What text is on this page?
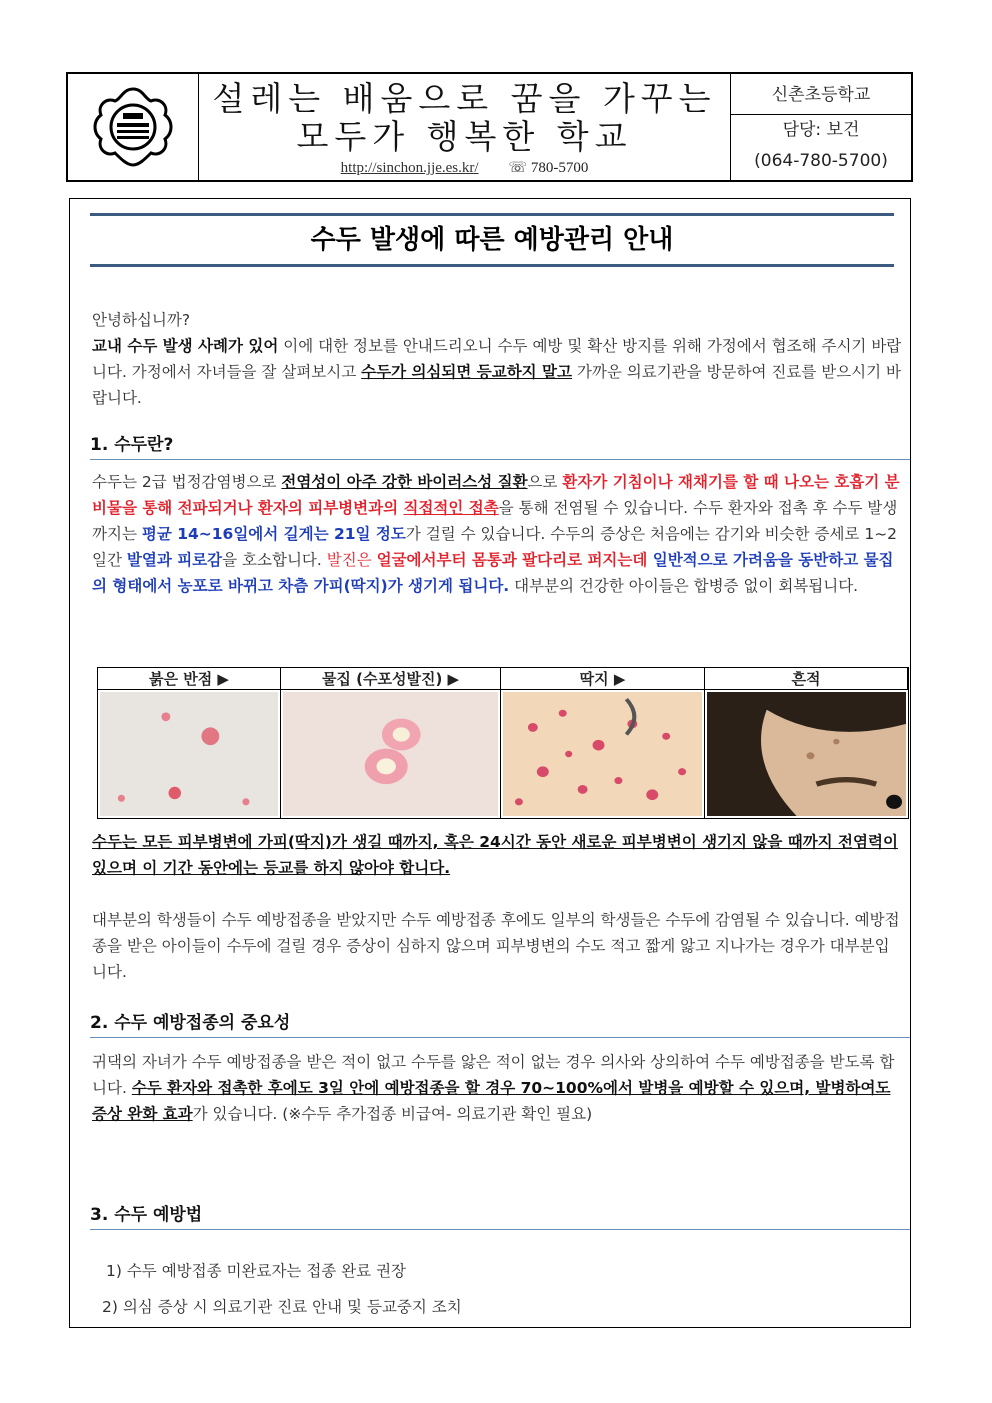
설레는 배움으로 꿈을 가꾸는
모두가 행복한 학교
http://sinchon.jje.es.kr/ ☏ 780-5700
신촌초등학교
담당: 보건
(064-780-5700)
수두 발생에 따른 예방관리 안내
안녕하십니까?
교내 수두 발생 사례가 있어 이에 대한 정보를 안내드리오니 수두 예방 및 확산 방지를 위해 가정에서 협조해 주시기 바랍니다. 가정에서 자녀들을 잘 살펴보시고 수두가 의심되면 등교하지 말고 가까운 의료기관을 방문하여 진료를 받으시기 바랍니다.
1. 수두란?
수두는 2급 법정감염병으로 전염성이 아주 강한 바이러스성 질환으로 환자가 기침이나 재채기를 할 때 나오는 호흡기 분비물을 통해 전파되거나 환자의 피부병변과의 직접적인 접촉을 통해 전염될 수 있습니다. 수두 환자와 접촉 후 수두 발생까지는 평균 14~16일에서 길게는 21일 정도가 걸릴 수 있습니다. 수두의 증상은 처음에는 감기와 비슷한 증세로 1~2일간 발열과 피로감을 호소합니다. 발진은 얼굴에서부터 몸통과 팔다리로 퍼지는데 일반적으로 가려움을 동반하고 물집의 형태에서 농포로 바뀌고 차츰 가피(딱지)가 생기게 됩니다. 대부분의 건강한 아이들은 합병증 없이 회복됩니다.
붉은 반점 ▶	물집 (수포성발진) ▶	딱지 ▶	흔적
수두는 모든 피부병변에 가피(딱지)가 생길 때까지, 혹은 24시간 동안 새로운 피부병변이 생기지 않을 때까지 전염력이 있으며 이 기간 동안에는 등교를 하지 않아야 합니다.
대부분의 학생들이 수두 예방접종을 받았지만 수두 예방접종 후에도 일부의 학생들은 수두에 감염될 수 있습니다. 예방접종을 받은 아이들이 수두에 걸릴 경우 증상이 심하지 않으며 피부병변의 수도 적고 짧게 앓고 지나가는 경우가 대부분입니다.
2. 수두 예방접종의 중요성
귀댁의 자녀가 수두 예방접종을 받은 적이 없고 수두를 앓은 적이 없는 경우 의사와 상의하여 수두 예방접종을 받도록 합니다. 수두 환자와 접촉한 후에도 3일 안에 예방접종을 할 경우 70~100%에서 발병을 예방할 수 있으며, 발병하여도 증상 완화 효과가 있습니다. (※수두 추가접종 비급여- 의료기관 확인 필요)
3. 수두 예방법
1) 수두 예방접종 미완료자는 접종 완료 권장
2) 의심 증상 시 의료기관 진료 안내 및 등교중지 조치
